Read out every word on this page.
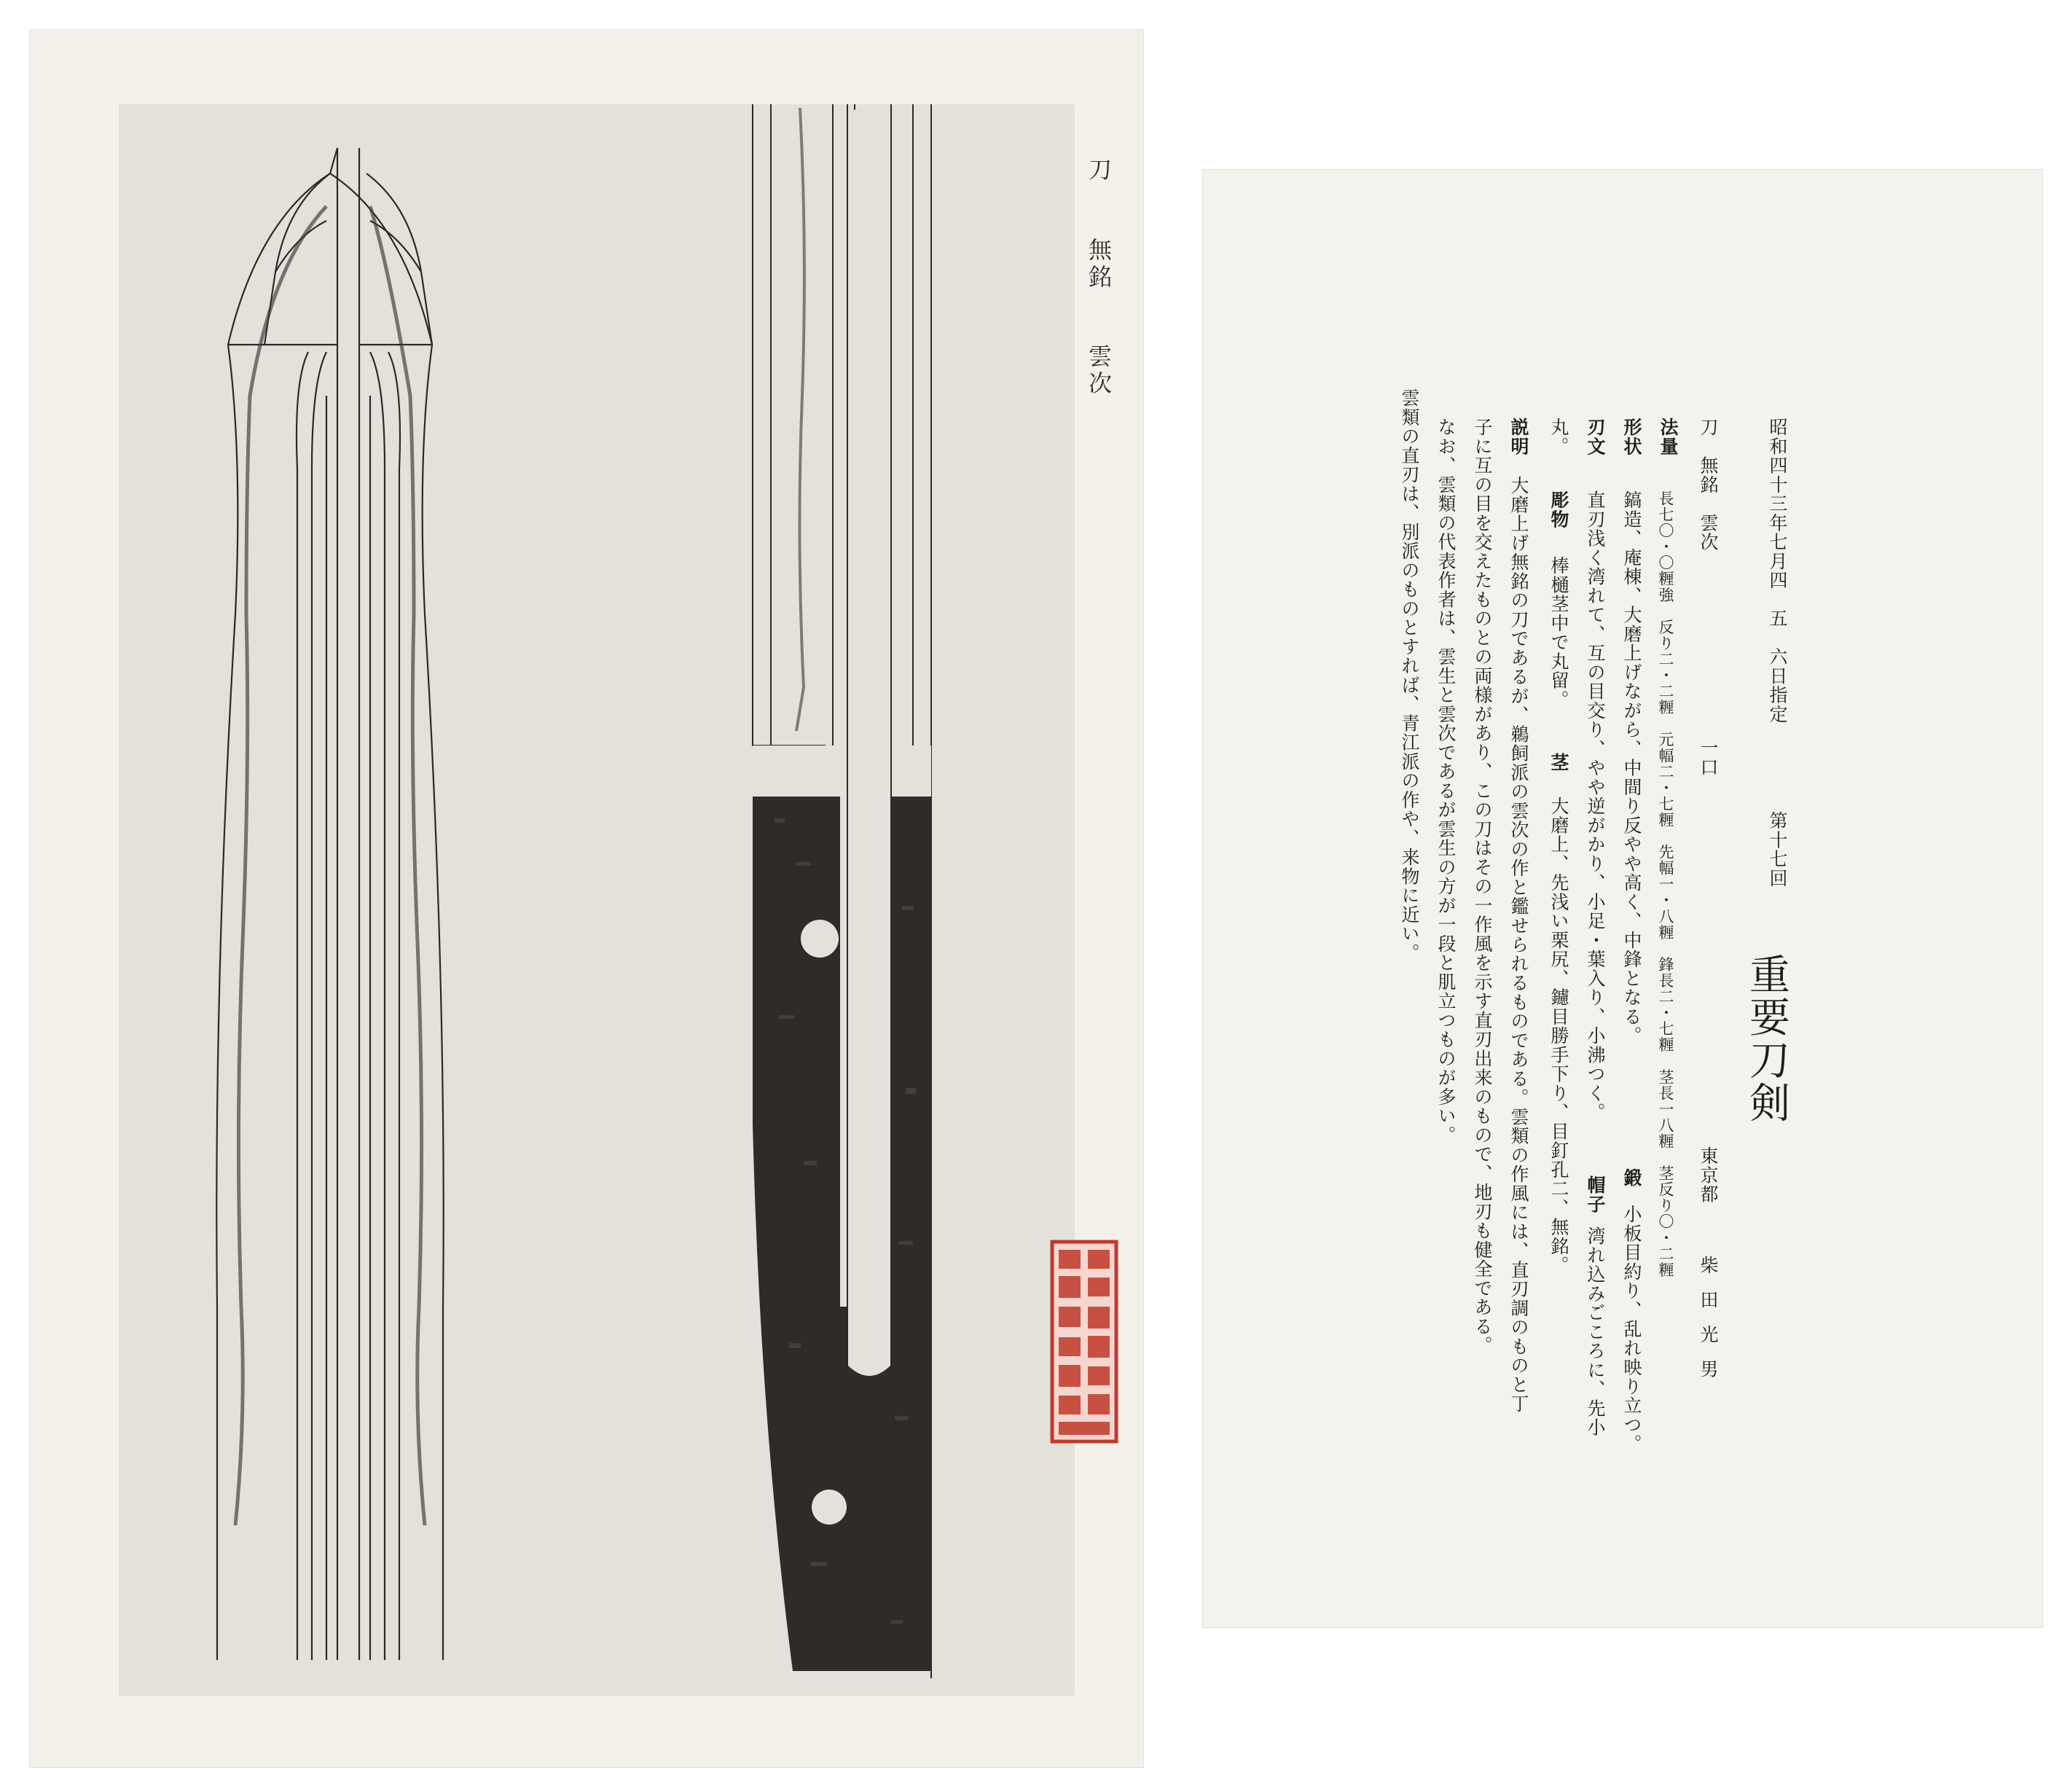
刀 無銘 雲次
昭和四十三年七月四　五　六日指定
第十七回
重要刀剣
刀　無銘　雲次
一口
東京都
柴田光男
法量
長七〇・〇糎強　反り二・二糎　元幅二・七糎　先幅一・八糎　鋒長二・七糎　茎長一八糎　茎反り〇・二糎
形状
鎬造、庵棟、大磨上げながら、中間り反やや高く、中鋒となる。
鍛
小板目約り、乱れ映り立つ。
刃文
直刃浅く湾れて、互の目交り、やや逆がかり、小足・葉入り、小沸つく。
帽子
湾れ込みごころに、先小
丸。
彫物
棒樋茎中で丸留。
茎
大磨上、先浅い栗尻、鑢目勝手下り、目釘孔二、無銘。
説明
大磨上げ無銘の刀であるが、鵜飼派の雲次の作と鑑せられるものである。雲類の作風には、直刃調のものと丁
子に互の目を交えたものとの両様があり、この刀はその一作風を示す直刃出来のもので、地刃も健全である。
なお、雲類の代表作者は、雲生と雲次であるが雲生の方が一段と肌立つものが多い。
雲類の直刃は、別派のものとすれば、青江派の作や、来物に近い。
